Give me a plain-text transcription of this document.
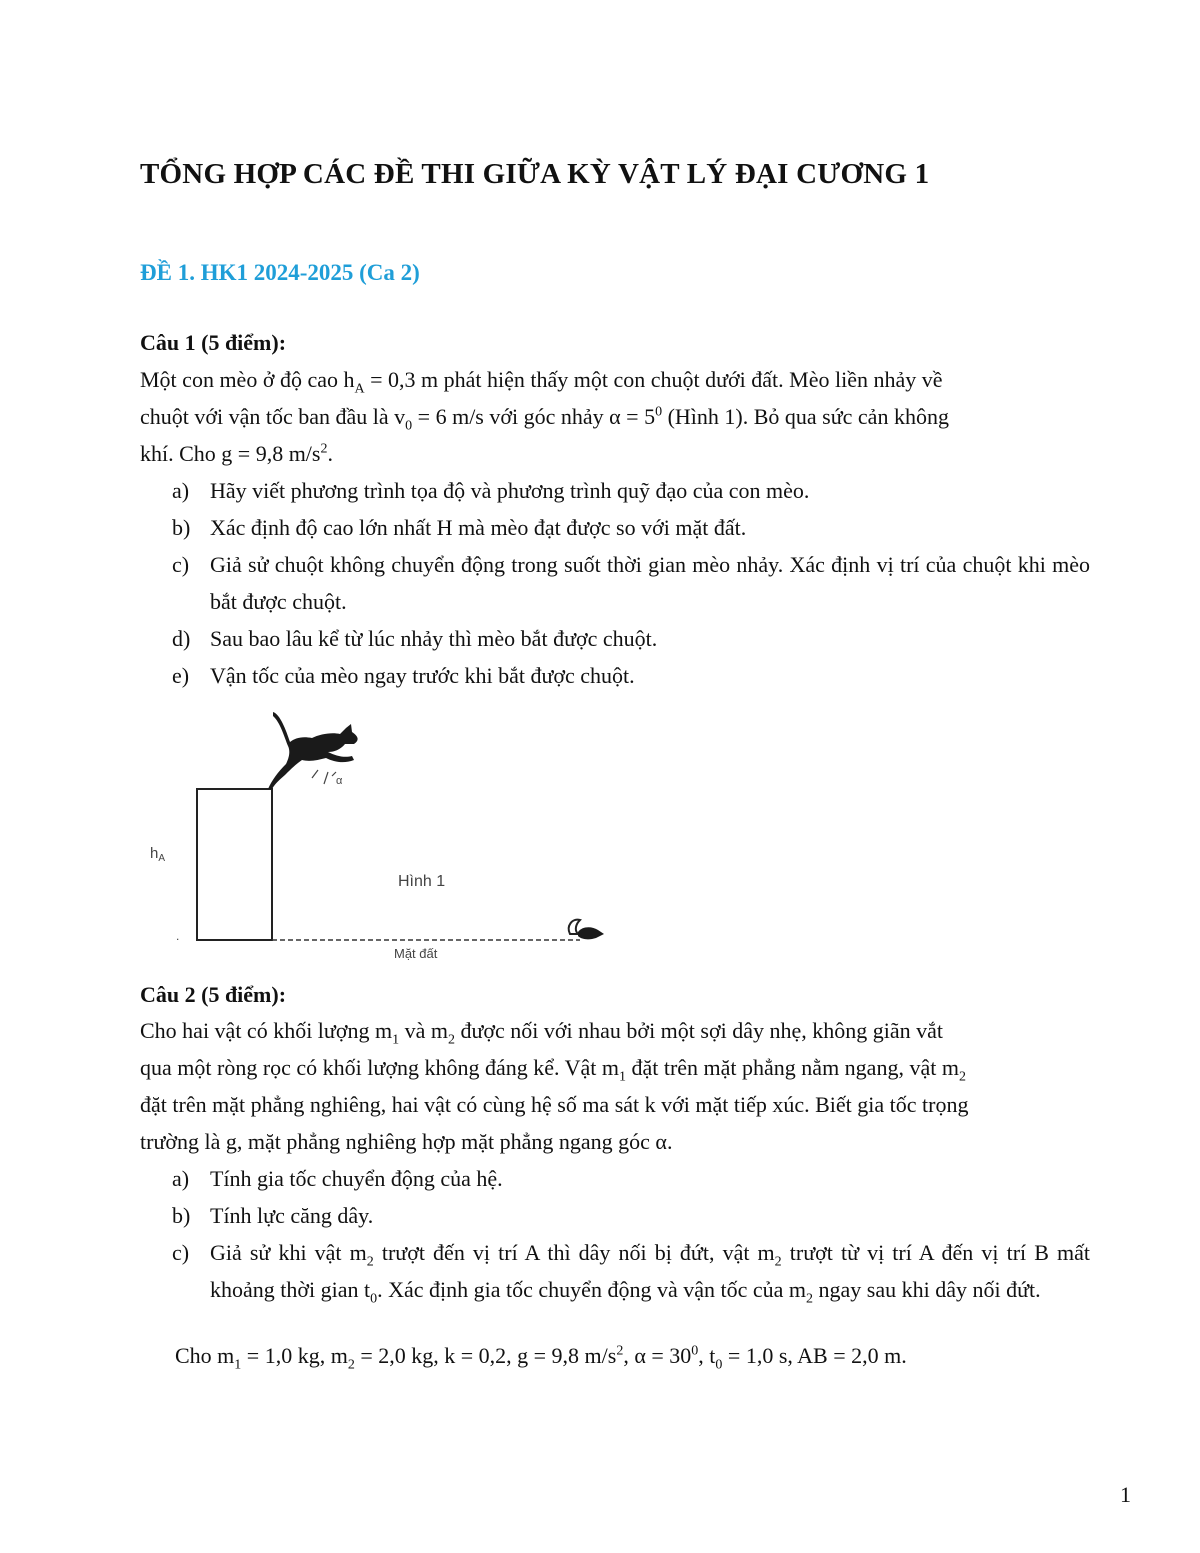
TỔNG HỢP CÁC ĐỀ THI GIỮA KỲ VẬT LÝ ĐẠI CƯƠNG 1
ĐỀ 1. HK1 2024-2025 (Ca 2)
Câu 1 (5 điểm):
Một con mèo ở độ cao $h_A = 0,3$ m phát hiện thấy một con chuột dưới đất. Mèo liền nhảy về
chuột với vận tốc ban đầu là $v_0 = 6$ m/s với góc nhảy $\alpha = 5^0$ (Hình 1). Bỏ qua sức cản không
khí. Cho g = 9,8 $m/s^2$.
a) Hãy viết phương trình tọa độ và phương trình quỹ đạo của con mèo.
b) Xác định độ cao lớn nhất H mà mèo đạt được so với mặt đất.
c) Giả sử chuột không chuyển động trong suốt thời gian mèo nhảy. Xác định vị trí của chuột khi mèo bắt được chuột.
d) Sau bao lâu kể từ lúc nhảy thì mèo bắt được chuột.
e) Vận tốc của mèo ngay trước khi bắt được chuột.
$h_A$
.
Mặt đất
Hình 1
α
Câu 2 (5 điểm):
Cho hai vật có khối lượng $m_1$ và $m_2$ được nối với nhau bởi một sợi dây nhẹ, không giãn vắt
qua một ròng rọc có khối lượng không đáng kể. Vật $m_1$ đặt trên mặt phẳng nằm ngang, vật $m_2$
đặt trên mặt phẳng nghiêng, hai vật có cùng hệ số ma sát k với mặt tiếp xúc. Biết gia tốc trọng
trường là g, mặt phẳng nghiêng hợp mặt phẳng ngang góc α.
a) Tính gia tốc chuyển động của hệ.
b) Tính lực căng dây.
c) Giả sử khi vật $m_2$ trượt đến vị trí A thì dây nối bị đứt, vật $m_2$ trượt từ vị trí A đến vị trí B mất khoảng thời gian $t_0$. Xác định gia tốc chuyển động và vận tốc của $m_2$ ngay sau khi dây nối đứt.
Cho $m_1 = 1,0$ kg, $m_2 = 2,0$ kg, k = 0,2, g = 9,8 $m/s^2$, $\alpha = 30^0$, $t_0 = 1,0$ s, AB = 2,0 m.
1
